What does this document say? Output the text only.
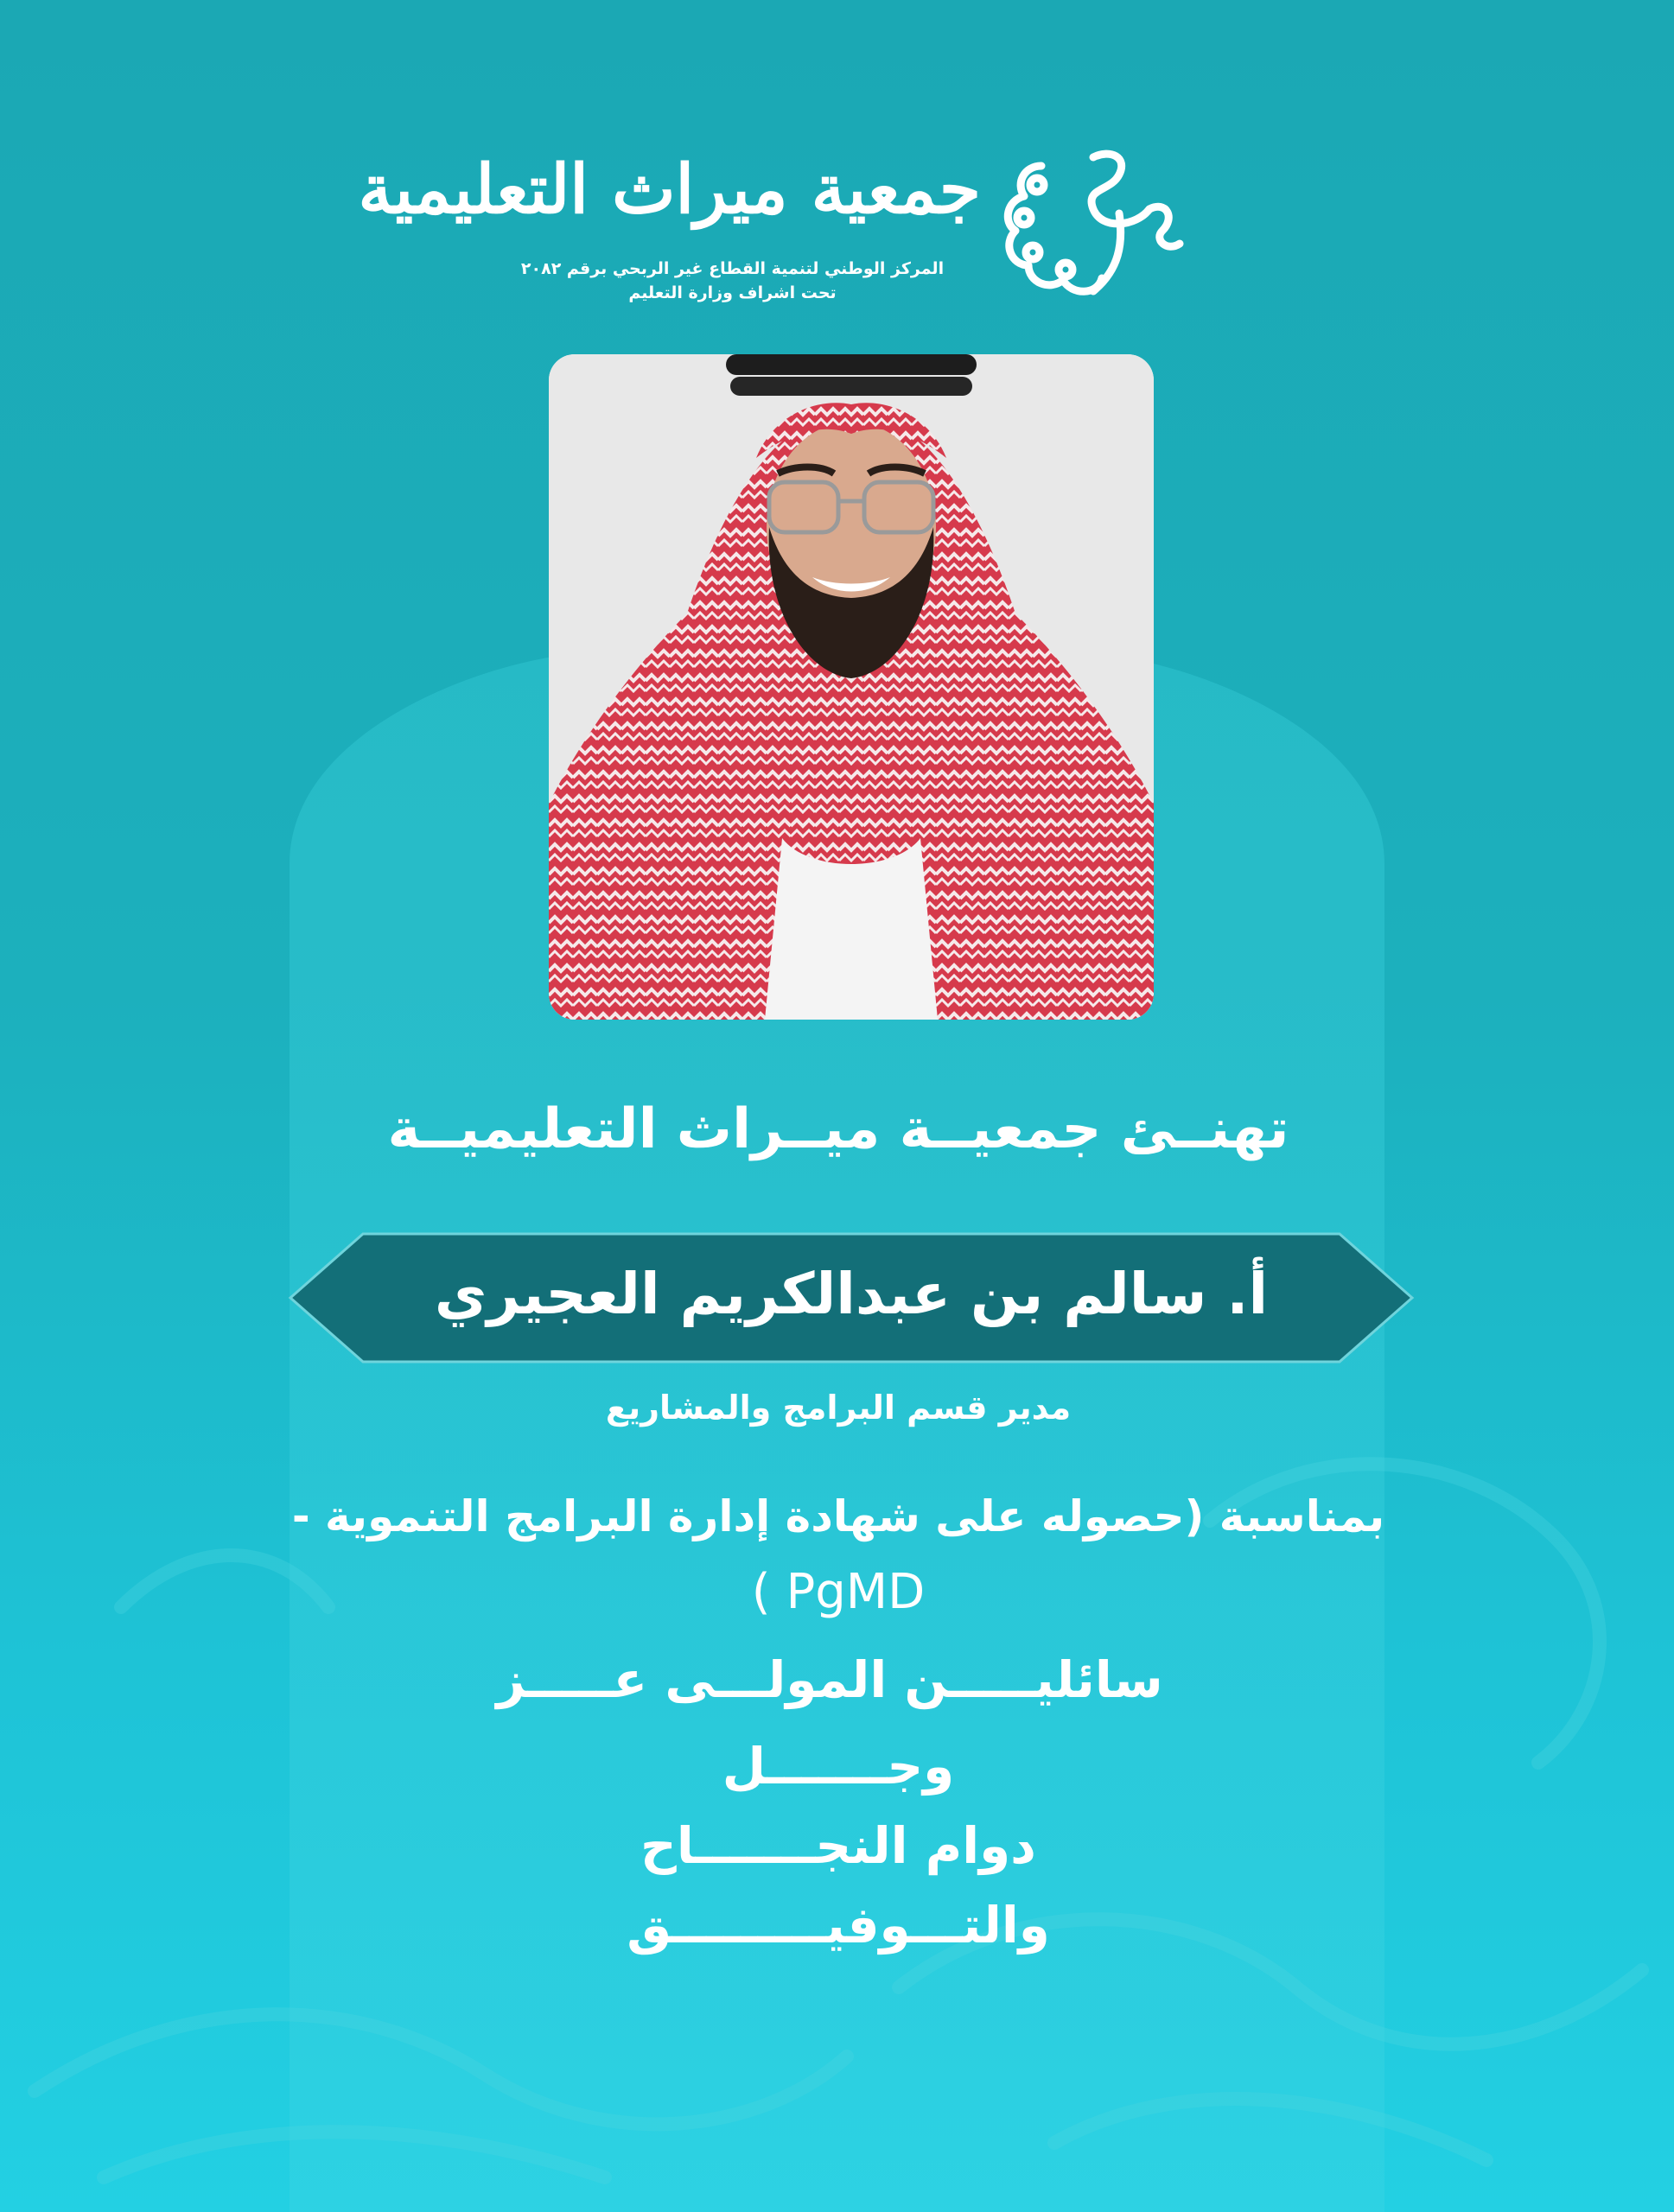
جمعية ميراث التعليمية
المركز الوطني لتنمية القطاع غير الربحي برقم ٢٠٨٢
تحت اشراف وزارة التعليم
تهنــئ جمعيــة ميــراث التعليميــة
أ. سالم بن عبدالكريم العجيري
مدير قسم البرامج والمشاريع
بمناسبة (حصوله على شهادة إدارة البرامج التنموية -
PgMD )
سائليـــــن المولـــى عـــــز
وجـــــــل
دوام النجـــــــاح
والتـــوفيـــــــــق
